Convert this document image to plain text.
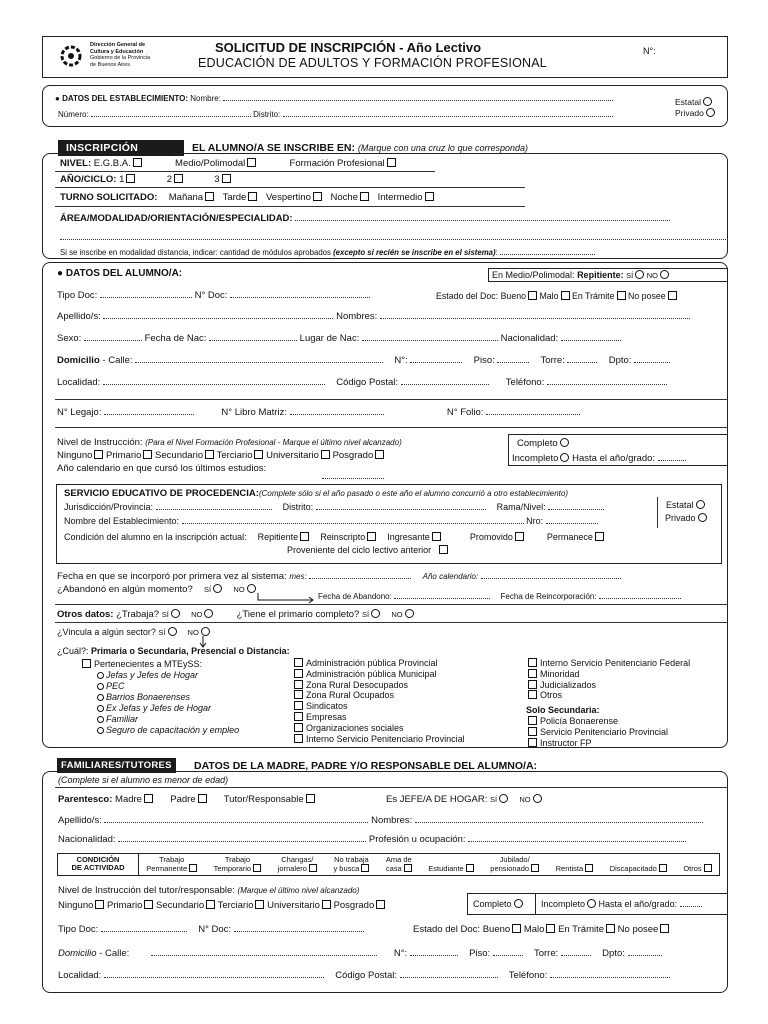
Dirección General de
Cultura y Educación
Gobierno de la Provincia
de Buenos Aires
SOLICITUD DE INSCRIPCIÓN - Año Lectivo
EDUCACIÓN DE ADULTOS Y FORMACIÓN PROFESIONAL
N°:
● DATOS DEL ESTABLECIMIENTO: Nombre:	Estatal
Número:	Distrito:	Privado
INSCRIPCIÓN	EL ALUMNO/A SE INSCRIBE EN: (Marque con una cruz lo que corresponda)
NIVEL: E.G.B.A.	Medio/Polimodal	Formación Profesional
AÑO/CICLO: 1	2	3
TURNO SOLICITADO: Mañana Tarde Vespertino Noche Intermedio
ÁREA/MODALIDAD/ORIENTACIÓN/ESPECIALIDAD:
Si se inscribe en modalidad distancia, indicar: cantidad de módulos aprobados (excepto si recién se inscribe en el sistema):
● DATOS DEL ALUMNO/A:	En Medio/Polimodal: Repitiente: SÍ NO
Tipo Doc:	N° Doc:	Estado del Doc: Bueno Malo En Trámite No posee
Apellido/s:	Nombres:
Sexo:	Fecha de Nac:	Lugar de Nac:	Nacionalidad:
Domicilio - Calle:	N°:	Piso:	Torre:	Dpto:
Localidad:	Código Postal:	Teléfono:
N° Legajo:	N° Libro Matriz:	N° Folio:
Nivel de Instrucción: (Para el Nivel Formación Profesional - Marque el último nivel alcanzado)
Ninguno Primario Secundario Terciario Universitario Posgrado
Completo
Incompleto Hasta el año/grado:
Año calendario en que cursó los últimos estudios:
SERVICIO EDUCATIVO DE PROCEDENCIA:(Complete sólo si el año pasado o este año el alumno concurrió a otro establecimiento)
Jurisdicción/Provincia:	Distrito:	Rama/Nivel:	Estatal
Privado
Nombre del Establecimiento:	Nro:
Condición del alumno en la inscripción actual: Repitiente Reinscripto Ingresante	Promovido	Permanece
Proveniente del ciclo lectivo anterior
Fecha en que se incorporó por primera vez al sistema: mes:	Año calendario:
¿Abandonó en algún momento? SÍ	NO
Fecha de Abandono:	Fecha de Reincorporación:
Otros datos: ¿Trabaja? SÍ	NO	¿Tiene el primario completo? SÍ	NO
¿Vincula a algún sector? SÍ	NO
¿Cuál?: Primaria o Secundaria, Presencial o Distancia:
Pertenecientes a MTEySS:
Jefas y Jefes de Hogar
PEC
Barrios Bonaerenses
Ex Jefas y Jefes de Hogar
Familiar
Seguro de capacitación y empleo
Administración pública Provincial
Administración pública Municipal
Zona Rural Desocupados
Zona Rural Ocupados
Sindicatos
Empresas
Organizaciones sociales
Interno Servicio Penitenciario Provincial
Interno Servicio Penitenciario Federal
Minoridad
Judicializados
Otros
Solo Secundaria:
Policía Bonaerense
Servicio Penitenciario Provincial
Instructor FP
FAMILIARES/TUTORES	DATOS DE LA MADRE, PADRE Y/O RESPONSABLE DEL ALUMNO/A:
(Complete si el alumno es menor de edad)
Parentesco: Madre	Padre	Tutor/Responsable	Es JEFE/A DE HOGAR: SÍ	NO
Apellido/s:	Nombres:
Nacionalidad:	Profesión u ocupación:
CONDICIÓN
DE ACTIVIDAD
Trabajo
Permanente
Trabajo
Temporario
Changas/
jornalero
No trabaja
y busca
Ama de
casa	Estudiante
Jubilado/
pensionado	Rentista	Discapacitado	Otros
Nivel de Instrucción del tutor/responsable: (Marque el último nivel alcanzado)
Ninguno Primario Secundario Terciario Universitario Posgrado	Completo	Incompleto Hasta el año/grado:
Tipo Doc:	N° Doc:	Estado del Doc: Bueno Malo En Trámite No posee
Domicilio - Calle:	N°:	Piso:	Torre:	Dpto:
Localidad:	Código Postal:	Teléfono:
